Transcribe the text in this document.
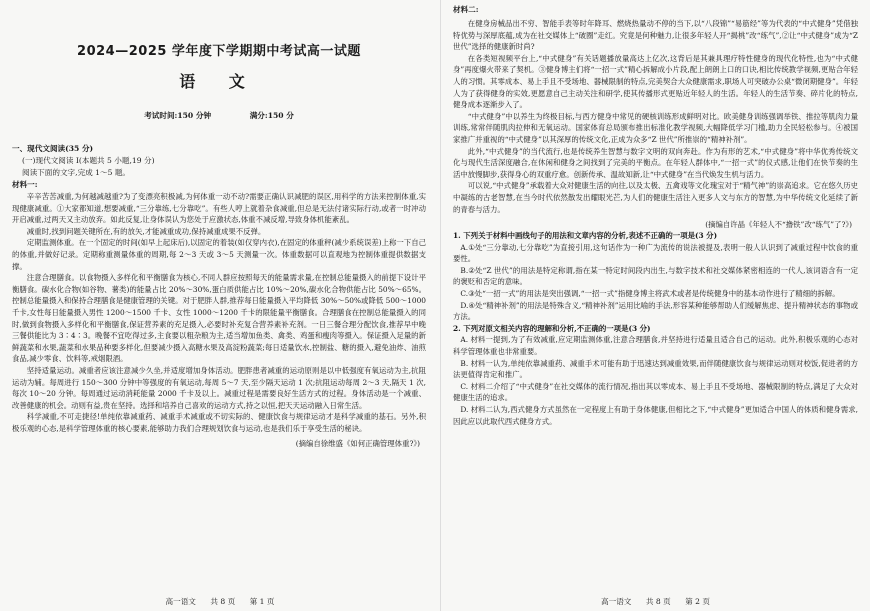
2024—2025 学年度下学期期中考试高一试题
语 文
考试时间:150 分钟	满分:150 分

一、现代文阅读(35 分)

(一)现代文阅读 Ⅰ(本题共 5 小题,19 分)

阅读下面的文字,完成 1～5 题。

材料一:

辛辛苦苦减重,为何越减越重?为了变漂亮积极减,为何体重一动不动?需要正确认识减肥的误区,用科学的方法来控制体重,实现健康减重。①大家都知道,想要减重,“三分靠练,七分靠吃”。有些人哼上就着杂食减重,但总是无法付诸实际行动,或者一时冲动开启减重,过两天又主动放弃。如此反复,让身体误认为您处于应激状态,体重不减反增,导致身体机能紊乱。

减重时,找到问题关键所在,有的放矢,才能减重成功,保持减重成果不反弹。

定期监测体重。在一个固定的时间(如早上起床后),以固定的着装(如仅穿内衣),在固定的体重秤(减少系统误差)上称一下自己的体重,并做好记录。定期称重测量体重的周期,每 2～3 天或 3～5 天测量一次。体重数据可以直观地为控制体重提供数据支撑。

注意合理膳食。以食物摄入多样化和平衡膳食为核心,不同人群应按照每天的能量需求量,在控制总能量摄入的前提下设计平衡膳食。碳水化合物(如谷物、薯类)的能量占比 20%～30%,蛋白质供能占比 10%～20%,碳水化合物供能占比 50%～65%。控制总能量摄入和保持合理膳食是健康管理的关键。对于肥胖人群,推荐每日能量摄入平均降低 30%～50%或降低 500～1000 千卡,女性每日能量摄入男性 1200～1500 千卡、女性 1000～1200 千卡的限能量平衡膳食。合理膳食在控制总能量摄入的同时,做到食物摄入多样化和平衡膳食,保证营养素的充足摄入,必要时补充复合营养素补充剂。一日三餐合理分配饮食,推荐早中晚三餐供能比为 3∶4∶3。晚餐不宜吃得过多,主食要以粗杂粮为主,适当增加鱼类、禽类、鸡蛋和瘦肉等摄入。保证摄入足量的新鲜蔬菜和水果,蔬菜和水果品种要多样化,但要减少摄入高糖水果及高淀粉蔬菜;每日适量饮水,控制盐、糖的摄入,避免油炸、油煎食品,减少零食、饮料等,戒烟限酒。

坚持适量运动。减重者应该注意减少久坐,并适度增加身体活动。肥胖患者减重的运动原则是以中低强度有氧运动为主,抗阻运动为辅。每周进行 150～300 分钟中等强度的有氧运动,每周 5～7 天,至少隔天运动 1 次;抗阻运动每周 2～3 天,隔天 1 次,每次 10～20 分钟。每周通过运动消耗能量 2000 千卡及以上。减重过程是需要良好生活方式的过程。身体活动是一个减重、改善健康的机会。动则有益,贵在坚持。选择和培养自己喜欢的运动方式,持之以恒,把天天运动融入日常生活。

科学减重,不可走捷径!单纯依靠减重药、减重手术减重或不切实际的、健康饮食与规律运动才是科学减重的基石。另外,积极乐观的心态,是科学管理体重的核心要素,能够助力我们合理规划饮食与运动,也是我们乐于享受生活的秘诀。

(摘编自徐维盛《如何正确管理体重?》)
高一语文 共 8 页 第 1 页

材料二:

在健身房械品出不穷、智能手表等时年降耳、燃烧热量动不停的当下,以“八段锦”“易筋经”等为代表的“中式健身”凭借独特优势与深厚底蕴,成为在社交媒体上“破圈”走红。究竟是何种魅力,让很多年轻人开“揭桃”改“练气”,②让“中式健身”成为“Z 世代”选择的健康新时尚?

在各类短视频平台上,“中式健身”有关话题播放量高达上亿次,这背后是其兼具理疗特性健身的现代化特性,也为“中式健身”再度爆火带来了契机。③健身博主们将“一招一式”精心拆解成小片段,配上朗朗上口的口诀,相比传统教学视频,更贴合年轻人的习惯。其零成本、易上手且不受场地、器械限制的特点,完美契合大众健康需求,职场人可突破办公桌“微闭期健身”。年轻人为了获得健身的实效,更愿意自己主动关注和研学,使其传播形式更贴近年轻人的生活。年轻人的生活节奏、碎片化的特点,健身成本逐渐步入了。

“中式健身”中以养生为终极目标,与西方健身中常见的硬核训练形成鲜明对比。欧美健身训练强调举铁、推拉等肌肉力量训练,常常伴随肌肉拉伸和无氧运动。国家体育总局颁布推出标准化教学视频,大幅降低学习门槛,助力全民轻松参与。④被国家推广并重视的“中式健身”以其深厚的传统文化,正成为众多“Z 世代”所推崇的“精神补剂”。

此外,“中式健身”的当代流行,也是传统养生智慧与数字文明的双向奔赴。作为有形的艺术,“中式健身”将中华优秀传统文化与现代生活深度融合,在休闲和健身之间找到了完美的平衡点。在年轻人群体中,“一招一式”的仪式感,让他们在快节奏的生活中放慢脚步,获得身心的双重疗愈。创新传承、温故知新,让“中式健身”在当代焕发生机与活力。

可以说,“中式健身”承载着大众对健康生活的向往,以及太极、五禽戏等文化瑰宝对于“精气神”的崇高追求。它在悠久历史中凝练的古老智慧,在当今时代依然散发出耀眼光芒,为人们的健康生活注入更多人文与东方的智慧,为中华传统文化延续了新的青春与活力。

(摘编自许晶《年轻人不“撸铁”改“练气”了?》)

1. 下列关于材料中画线句子的用法和文章内容的分析,表述不正确的一项是(3 分)

A.①处“三分靠动,七分靠吃”为直接引用,这句话作为一种广为流传的说法被提及,表明一般人认识到了减重过程中饮食的重要性。

B.②处“Z 世代”的用法是特定称谓,指在某一特定时间段内出生,与数字技术和社交媒体紧密相连的一代人,该词语含有一定的褒贬和否定的意味。

C.③处“一招一式”的用法是突出强调,“一招一式”指健身博主将武术或者是传统健身中的基本动作进行了精细的拆解。

D.④处“精神补剂”的用法是特殊含义,“精神补剂”运用比喻的手法,形容某种能够帮助人们缓解焦虑、提升精神状态的事物或方法。

2. 下列对原文相关内容的理解和分析,不正确的一项是(3 分)

A. 材料一提到,为了有效减重,应定期监测体重,注意合理膳食,并坚持进行适量且适合自己的运动。此外,积极乐观的心态对科学管理体重也非常重要。

B. 材料一认为,单纯依靠减重药、减重手术可能有助于迅速达到减重效果,而伴随健康饮食与规律运动则对校饭,促进者的方法更值得肯定和推广。

C. 材料二介绍了“中式健身”在社交媒体的流行情况,指出其以零成本、易上手且不受场地、器械限制的特点,满足了大众对健康生活的追求。

D. 材料二认为,西式健身方式虽然在一定程度上有助于身体健康,但相比之下,“中式健身”更加适合中国人的体质和健身需求,因此应以此取代西式健身方式。

高一语文 共 8 页 第 2 页
